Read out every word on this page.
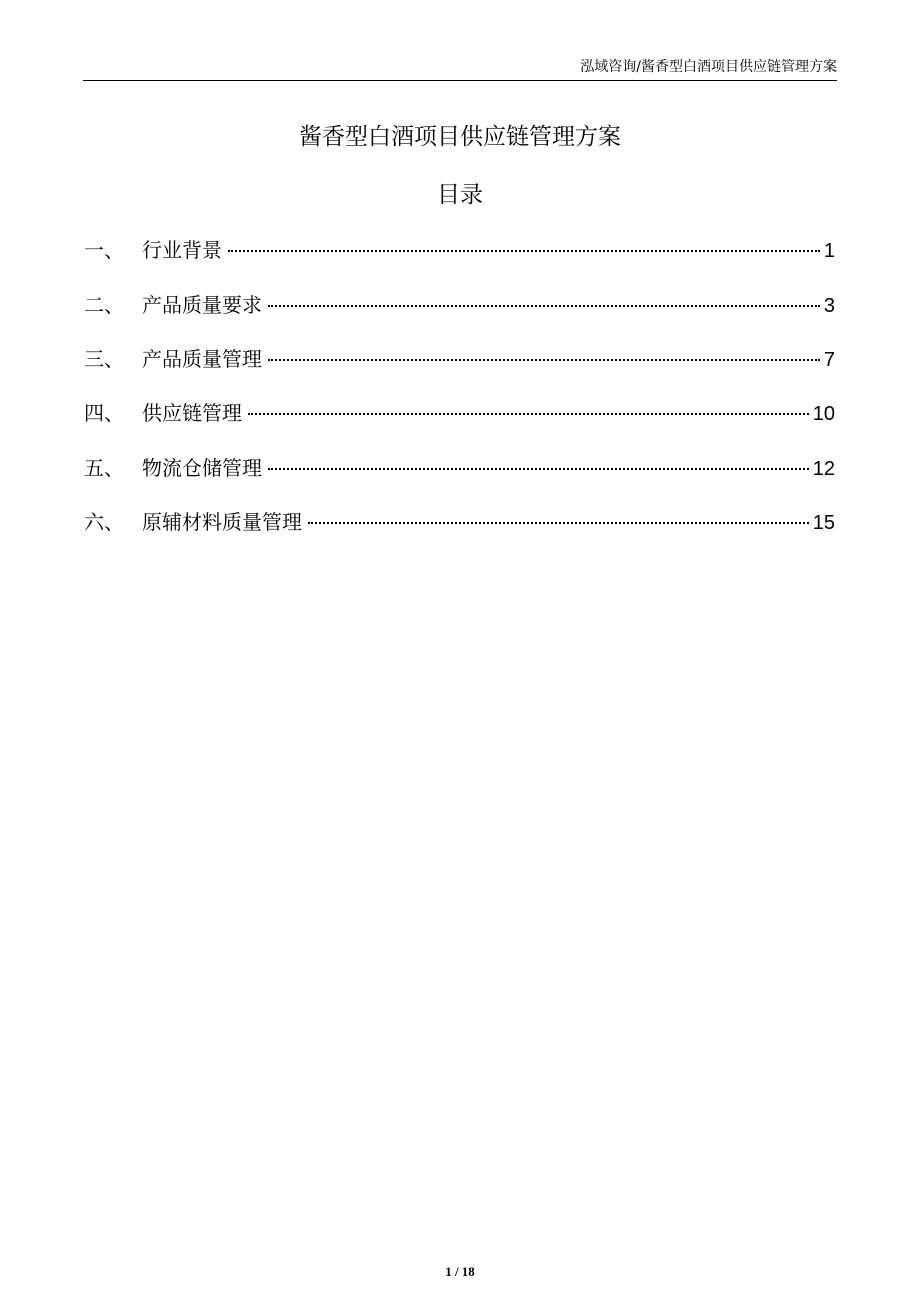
泓域咨询/酱香型白酒项目供应链管理方案
酱香型白酒项目供应链管理方案
目录
一、 行业背景	1
二、 产品质量要求	3
三、 产品质量管理	7
四、 供应链管理	10
五、 物流仓储管理	12
六、 原辅材料质量管理	15
1 / 18
